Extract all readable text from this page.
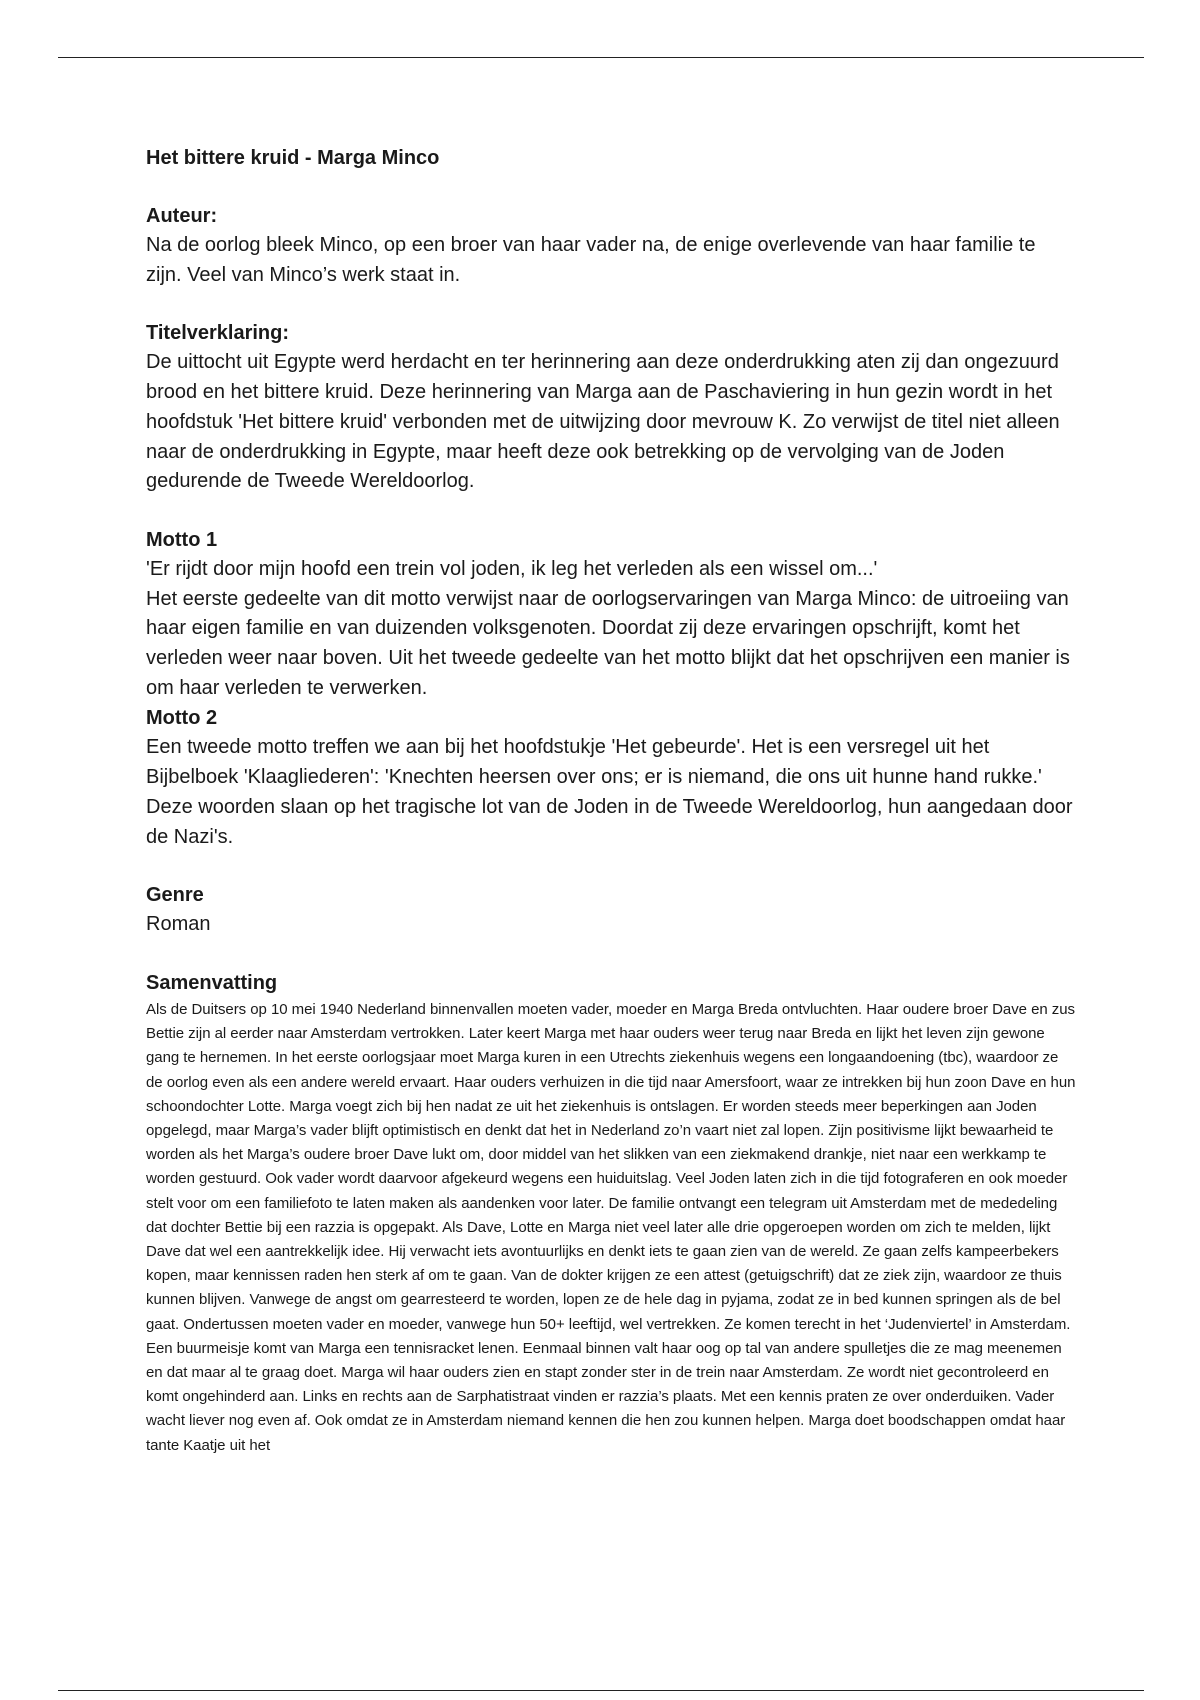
Het bittere kruid - Marga Minco

Auteur:

Na de oorlog bleek Minco, op een broer van haar vader na, de enige overlevende van haar familie te zijn. Veel van Minco’s werk staat in.

Titelverklaring:

De uittocht uit Egypte werd herdacht en ter herinnering aan deze onderdrukking aten zij dan ongezuurd brood en het bittere kruid. Deze herinnering van Marga aan de Paschaviering in hun gezin wordt in het hoofdstuk 'Het bittere kruid' verbonden met de uitwijzing door mevrouw K. Zo verwijst de titel niet alleen naar de onderdrukking in Egypte, maar heeft deze ook betrekking op de vervolging van de Joden gedurende de Tweede Wereldoorlog.

Motto 1

'Er rijdt door mijn hoofd een trein vol joden, ik leg het verleden als een wissel om...'

Het eerste gedeelte van dit motto verwijst naar de oorlogservaringen van Marga Minco: de uitroeiing van haar eigen familie en van duizenden volksgenoten. Doordat zij deze ervaringen opschrijft, komt het verleden weer naar boven. Uit het tweede gedeelte van het motto blijkt dat het opschrijven een manier is om haar verleden te verwerken.

Motto 2

Een tweede motto treffen we aan bij het hoofdstukje 'Het gebeurde'. Het is een versregel uit het Bijbelboek 'Klaagliederen': 'Knechten heersen over ons; er is niemand, die ons uit hunne hand rukke.' Deze woorden slaan op het tragische lot van de Joden in de Tweede Wereldoorlog, hun aangedaan door de Nazi's.

Genre

Roman

Samenvatting

Als de Duitsers op 10 mei 1940 Nederland binnenvallen moeten vader, moeder en Marga Breda ontvluchten. Haar oudere broer Dave en zus Bettie zijn al eerder naar Amsterdam vertrokken. Later keert Marga met haar ouders weer terug naar Breda en lijkt het leven zijn gewone gang te hernemen. In het eerste oorlogsjaar moet Marga kuren in een Utrechts ziekenhuis wegens een longaandoening (tbc), waardoor ze de oorlog even als een andere wereld ervaart. Haar ouders verhuizen in die tijd naar Amersfoort, waar ze intrekken bij hun zoon Dave en hun schoondochter Lotte. Marga voegt zich bij hen nadat ze uit het ziekenhuis is ontslagen. Er worden steeds meer beperkingen aan Joden opgelegd, maar Marga’s vader blijft optimistisch en denkt dat het in Nederland zo’n vaart niet zal lopen. Zijn positivisme lijkt bewaarheid te worden als het Marga’s oudere broer Dave lukt om, door middel van het slikken van een ziekmakend drankje, niet naar een werkkamp te worden gestuurd. Ook vader wordt daarvoor afgekeurd wegens een huiduitslag. Veel Joden laten zich in die tijd fotograferen en ook moeder stelt voor om een familiefoto te laten maken als aandenken voor later. De familie ontvangt een telegram uit Amsterdam met de mededeling dat dochter Bettie bij een razzia is opgepakt. Als Dave, Lotte en Marga niet veel later alle drie opgeroepen worden om zich te melden, lijkt Dave dat wel een aantrekkelijk idee. Hij verwacht iets avontuurlijks en denkt iets te gaan zien van de wereld. Ze gaan zelfs kampeerbekers kopen, maar kennissen raden hen sterk af om te gaan. Van de dokter krijgen ze een attest (getuigschrift) dat ze ziek zijn, waardoor ze thuis kunnen blijven. Vanwege de angst om gearresteerd te worden, lopen ze de hele dag in pyjama, zodat ze in bed kunnen springen als de bel gaat. Ondertussen moeten vader en moeder, vanwege hun 50+ leeftijd, wel vertrekken. Ze komen terecht in het ‘Judenviertel’ in Amsterdam. Een buurmeisje komt van Marga een tennisracket lenen. Eenmaal binnen valt haar oog op tal van andere spulletjes die ze mag meenemen en dat maar al te graag doet. Marga wil haar ouders zien en stapt zonder ster in de trein naar Amsterdam. Ze wordt niet gecontroleerd en komt ongehinderd aan. Links en rechts aan de Sarphatistraat vinden er razzia’s plaats. Met een kennis praten ze over onderduiken. Vader wacht liever nog even af. Ook omdat ze in Amsterdam niemand kennen die hen zou kunnen helpen. Marga doet boodschappen omdat haar tante Kaatje uit het
